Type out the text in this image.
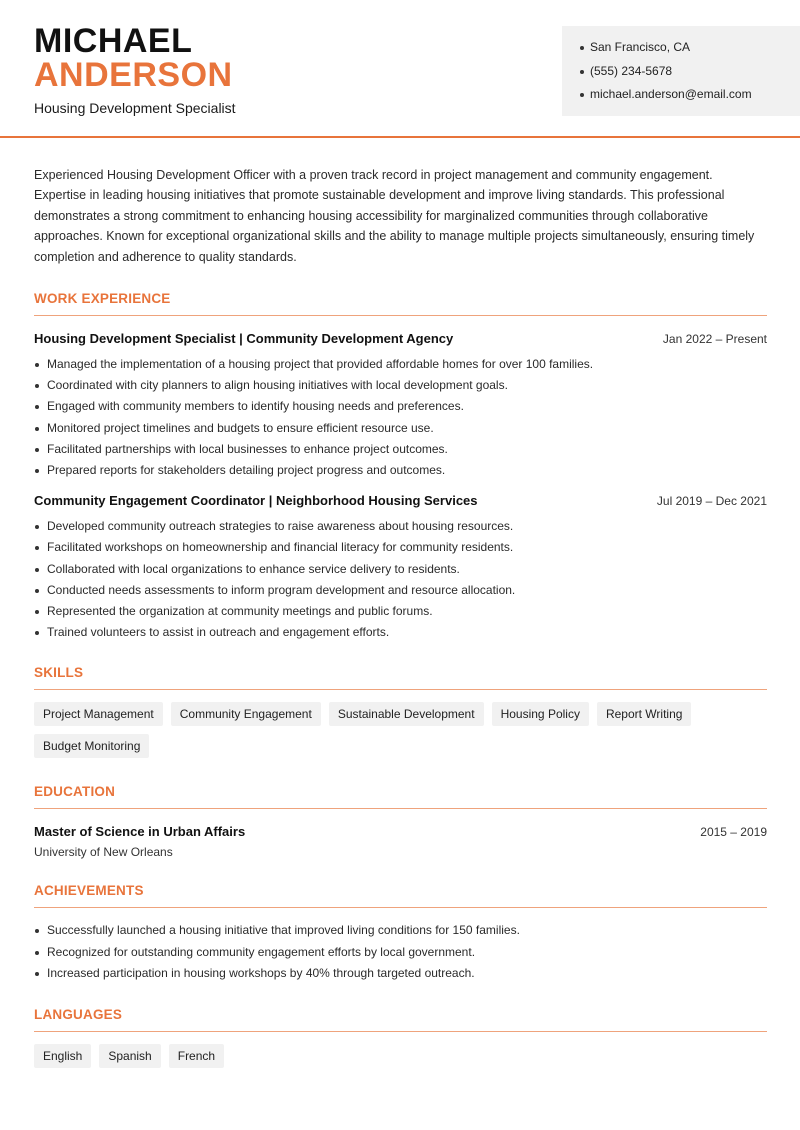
MICHAEL
ANDERSON
Housing Development Specialist
San Francisco, CA
(555) 234-5678
michael.anderson@email.com

Experienced Housing Development Officer with a proven track record in project management and community engagement. Expertise in leading housing initiatives that promote sustainable development and improve living standards. This professional demonstrates a strong commitment to enhancing housing accessibility for marginalized communities through collaborative approaches. Known for exceptional organizational skills and the ability to manage multiple projects simultaneously, ensuring timely completion and adherence to quality standards.

WORK EXPERIENCE
Housing Development Specialist | Community Development Agency	Jan 2022 – Present
Managed the implementation of a housing project that provided affordable homes for over 100 families.
Coordinated with city planners to align housing initiatives with local development goals.
Engaged with community members to identify housing needs and preferences.
Monitored project timelines and budgets to ensure efficient resource use.
Facilitated partnerships with local businesses to enhance project outcomes.
Prepared reports for stakeholders detailing project progress and outcomes.
Community Engagement Coordinator | Neighborhood Housing Services	Jul 2019 – Dec 2021
Developed community outreach strategies to raise awareness about housing resources.
Facilitated workshops on homeownership and financial literacy for community residents.
Collaborated with local organizations to enhance service delivery to residents.
Conducted needs assessments to inform program development and resource allocation.
Represented the organization at community meetings and public forums.
Trained volunteers to assist in outreach and engagement efforts.
SKILLS
Project Management	Community Engagement	Sustainable Development	Housing Policy	Report Writing
Budget Monitoring
EDUCATION
Master of Science in Urban Affairs	2015 – 2019
University of New Orleans
ACHIEVEMENTS
Successfully launched a housing initiative that improved living conditions for 150 families.
Recognized for outstanding community engagement efforts by local government.
Increased participation in housing workshops by 40% through targeted outreach.
LANGUAGES
English	Spanish	French
